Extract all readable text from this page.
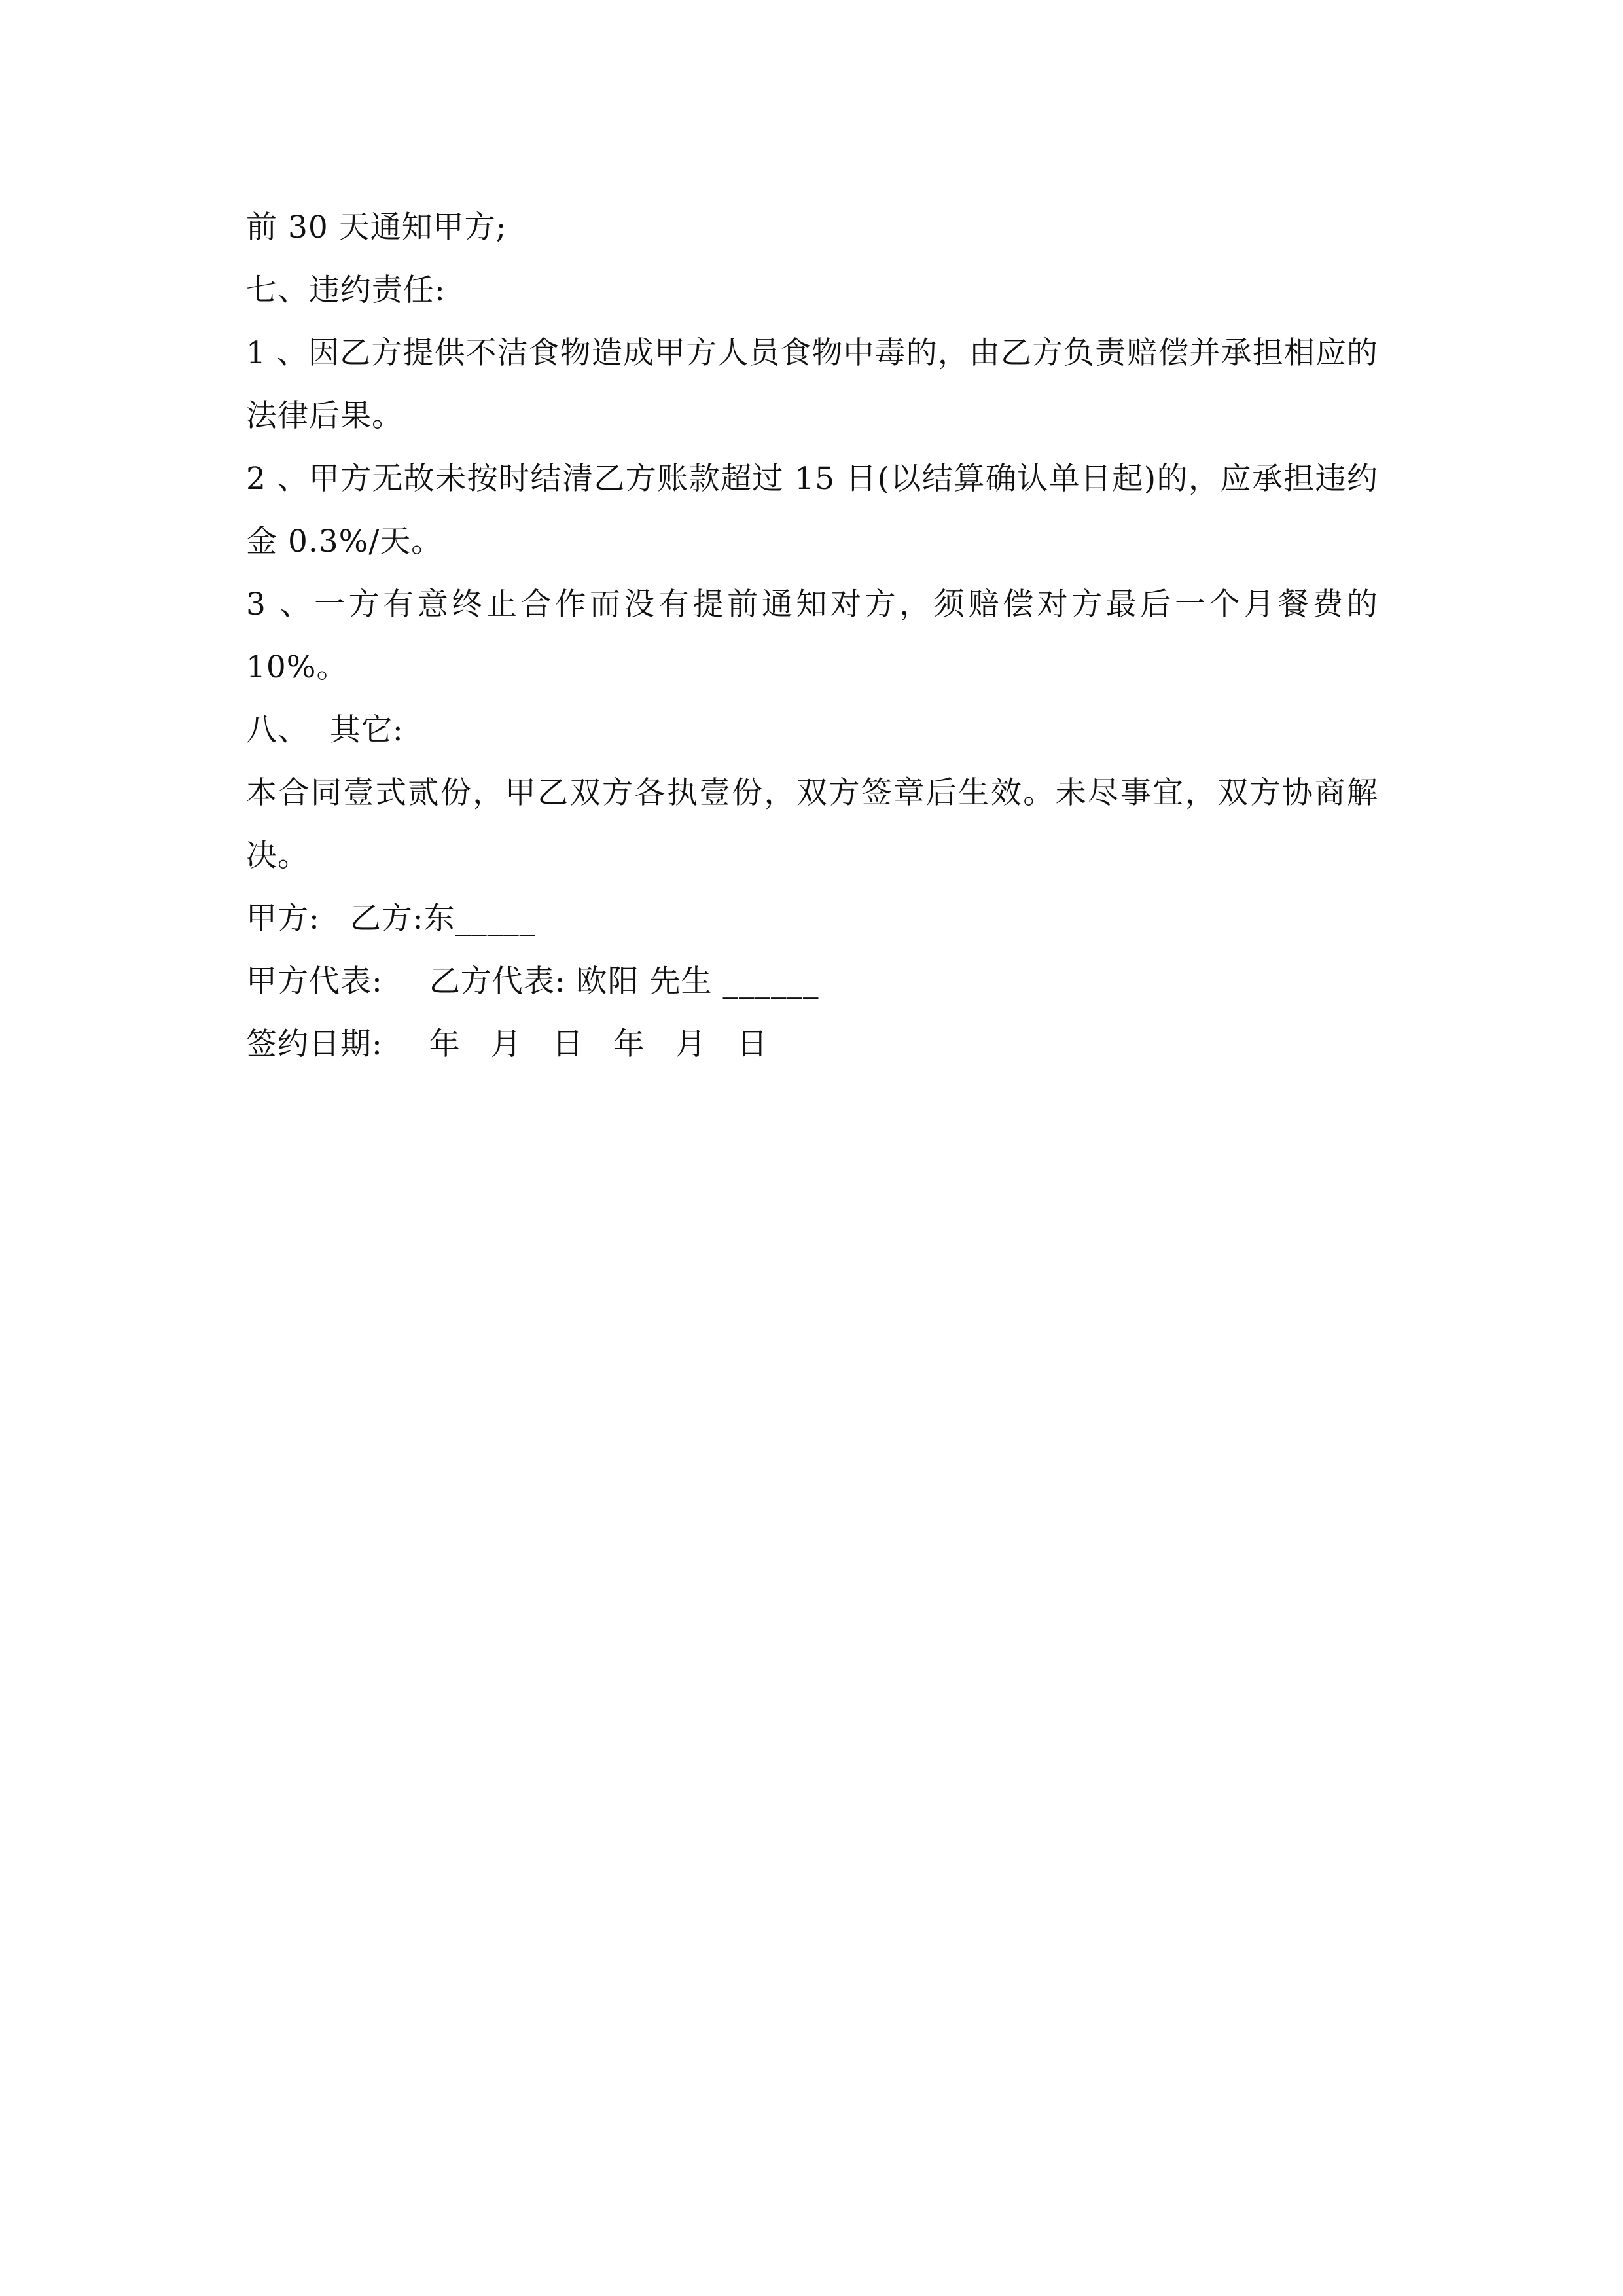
前 30 天通知甲方;
七、违约责任:
1 、因乙方提供不洁食物造成甲方人员食物中毒的，由乙方负责赔偿并承担相应的法律后果。
2 、甲方无故未按时结清乙方账款超过 15 日(以结算确认单日起)的，应承担违约金 0.3%/天。
3 、一方有意终止合作而没有提前通知对方，须赔偿对方最后一个月餐费的 10%。
八、  其它:
本合同壹式贰份，甲乙双方各执壹份，双方签章后生效。未尽事宜，双方协商解决。
甲方: 乙方:东_____
甲方代表: 乙方代表: 欧阳 先生 ______
签约日期: 年 月 日 年 月 日
